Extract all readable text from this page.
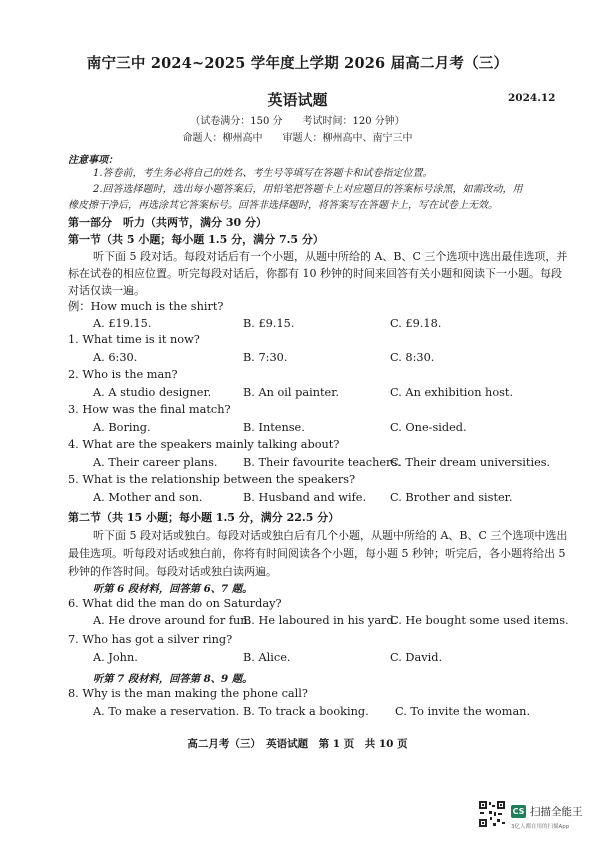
南宁三中 2024~2025 学年度上学期 2026 届高二月考（三）
英语试题	2024.12
（试卷满分：150 分　　考试时间：120 分钟）
命题人：柳州高中　　审题人：柳州高中、南宁三中
注意事项：
1.答卷前，考生务必将自己的姓名、考生号等填写在答题卡和试卷指定位置。
2.回答选择题时，选出每小题答案后，用铅笔把答题卡上对应题目的答案标号涂黑，如需改动，用
橡皮擦干净后，再选涂其它答案标号。回答非选择题时，将答案写在答题卡上，写在试卷上无效。
第一部分　听力（共两节，满分 30 分）
第一节（共 5 小题；每小题 1.5 分，满分 7.5 分）
听下面 5 段对话。每段对话后有一个小题，从题中所给的 A、B、C 三个选项中选出最佳选项，并
标在试卷的相应位置。听完每段对话后，你都有 10 秒钟的时间来回答有关小题和阅读下一小题。每段
对话仅读一遍。
例：How much is the shirt?
A. £19.15.	B. £9.15.	C. £9.18.
1. What time is it now?
A. 6:30.	B. 7:30.	C. 8:30.
2. Who is the man?
A. A studio designer.	B. An oil painter.	C. An exhibition host.
3. How was the final match?
A. Boring.	B. Intense.	C. One-sided.
4. What are the speakers mainly talking about?
A. Their career plans. B. Their favourite teachers.
C. Their dream universities.
5. What is the relationship between the speakers?
A. Mother and son.	B. Husband and wife. C. Brother and sister.
第二节（共 15 小题；每小题 1.5 分，满分 22.5 分）
听下面 5 段对话或独白。每段对话或独白后有几个小题，从题中所给的 A、B、C 三个选项中选出
最佳选项。听每段对话或独白前，你将有时间阅读各个小题，每小题 5 秒钟；听完后，各小题将给出 5
秒钟的作答时间。每段对话或独白读两遍。
听第 6 段材料，回答第 6、7 题。
6. What did the man do on Saturday?
A. He drove around for fun.
B. He laboured in his yard.
C. He bought some used items.
7. Who has got a silver ring?
A. John.	B. Alice.	C. David.
听第 7 段材料，回答第 8、9 题。
8. Why is the man making the phone call?
A. To make a reservation. B. To track a booking. C. To invite the woman.
高二月考（三）　英语试题　第 1 页　共 10 页
CS 扫描全能王
3亿人都在用的扫描App
